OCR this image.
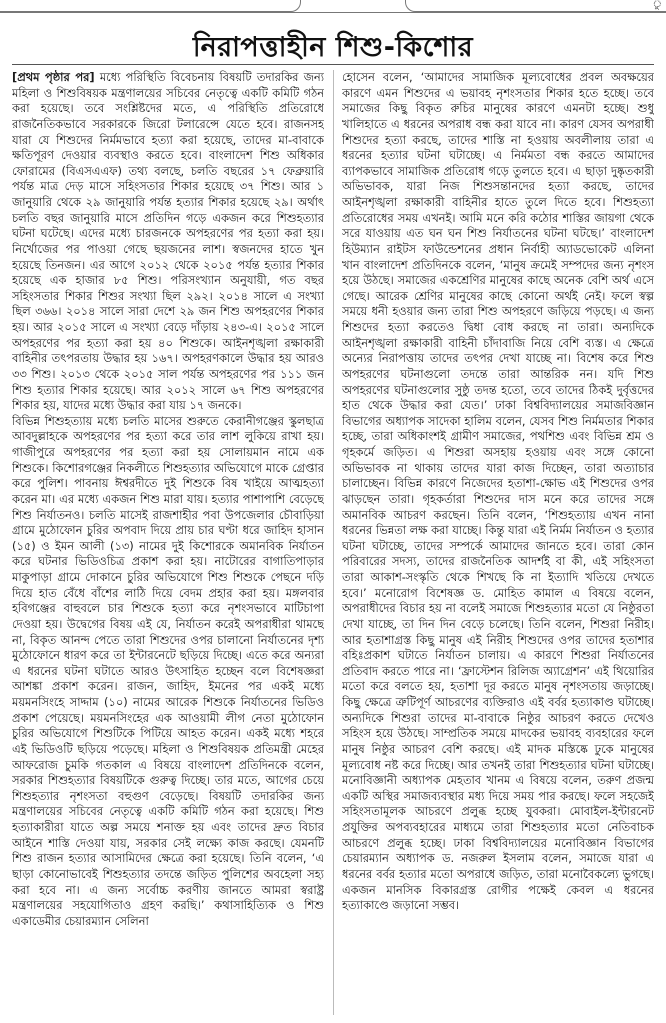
ু
নিরাপত্তাহীন শিশু-কিশোর

[প্রথম পৃষ্ঠার পর] মধ্যে পরিস্থিতি বিবেচনায় বিষয়টি তদারকির জন্য মহিলা ও শিশুবিষয়ক মন্ত্রণালয়ের সচিবের নেতৃত্বে একটি কমিটি গঠন করা হয়েছে। তবে সংশ্লিষ্টদের মতে, এ পরিস্থিতি প্রতিরোধে রাজনৈতিকভাবে সরকারকে জিরো টলারেন্সে যেতে হবে। রাজনসহ যারা যে শিশুদের নির্মমভাবে হত্যা করা হয়েছে, তাদের মা-বাবাকে ক্ষতিপূরণ দেওয়ার ব্যবস্থাও করতে হবে। বাংলাদেশ শিশু অধিকার ফোরামের (বিএসএএফ) তথ্য বলছে, চলতি বছরের ১৭ ফেব্রুয়ারি পর্যন্ত মাত্র দেড় মাসে সহিংসতার শিকার হয়েছে ৩৭ শিশু। আর ১ জানুয়ারি থেকে ২৯ জানুয়ারি পর্যন্ত হত্যার শিকার হয়েছে ২৯। অর্থাৎ চলতি বছর জানুয়ারি মাসে প্রতিদিন গড়ে একজন করে শিশুহত্যার ঘটনা ঘটেছে। এদের মধ্যে চারজনকে অপহরণের পর হত্যা করা হয়। নির্খোজের পর পাওয়া গেছে ছয়জনের লাশ। স্বজনদের হাতে খুন হয়েছে তিনজন। এর আগে ২০১২ থেকে ২০১৫ পর্যন্ত হত্যার শিকার হয়েছে এক হাজার ৮৫ শিশু। পরিসংখ্যান অনুযায়ী, গত বছর সহিংসতার শিকার শিশুর সংখ্যা ছিল ২৯২। ২০১৪ সালে এ সংখ্যা ছিল ৩৬৬। ২০১৪ সালে সারা দেশে ২৯ জন শিশু অপহরণের শিকার হয়। আর ২০১৫ সালে এ সংখ্যা বেড়ে দাঁড়ায় ২৪৩-এ। ২০১৫ সালে অপহরণের পর হত্যা করা হয় ৪০ শিশুকে। আইনশৃঙ্খলা রক্ষাকারী বাহিনীর তৎপরতায় উদ্ধার হয় ১৬৭। অপহরণকালে উদ্ধার হয় আরও ৩৩ শিশু। ২০১৩ থেকে ২০১৫ সাল পর্যন্ত অপহরণের পর ১১১ জন শিশু হত্যার শিকার হয়েছে। আর ২০১২ সালে ৬৭ শিশু অপহরণের শিকার হয়, যাদের মধ্যে উদ্ধার করা যায় ১৭ জনকে।

বিভিন্ন শিশুহত্যায় মধ্যে চলতি মাসের শুরুতে কেরানীগঞ্জের স্কুলছাত্র আবদুল্লাহকে অপহরণের পর হত্যা করে তার লাশ লুকিয়ে রাখা হয়। গাজীপুরে অপহরণের পর হত্যা করা হয় সোলায়মান নামে এক শিশুকে। কিশোরগঞ্জের নিকলীতে শিশুহত্যার অভিযোগে মাকে গ্রেপ্তার করে পুলিশ। পাবনায় ঈশ্বরদীতে দুই শিশুকে বিষ খাইয়ে আত্মহত্যা করেন মা। এর মধ্যে একজন শিশু মারা যায়। হত্যার পাশাপাশি বেড়েছে শিশু নির্যাতনও। চলতি মাসেই রাজশাহীর পবা উপজেলার চৌবাড়িয়া গ্রামে মুঠোফোন চুরির অপবাদ দিয়ে প্রায় চার ঘণ্টা ধরে জাহিদ হাসান (১৫) ও ইমন আলী (১৩) নামের দুই কিশোরকে অমানবিক নির্যাতন করে ঘটনার ভিডিওচিত্র প্রকাশ করা হয়। নাটোরের বাগাতিপাড়ার মাকুপাড়া গ্রামে দোকানে চুরির অভিযোগে শিশু শিশুকে পেছনে দড়ি দিয়ে হাত বেঁধে বাঁশের লাঠি দিয়ে বেদম প্রহার করা হয়। মঙ্গলবার হবিগঞ্জের বাহুবলে চার শিশুকে হত্যা করে নৃশংসভাবে মাটিচাপা দেওয়া হয়। উদ্বেগের বিষয় এই যে, নির্যাতন করেই অপরাধীরা থামছে না, বিকৃত আনন্দ পেতে তারা শিশুদের ওপর চালানো নির্যাতনের দৃশ্য মুঠোফোনে ধারণ করে তা ইন্টারনেটে ছড়িয়ে দিচ্ছে। এতে করে অন্যরা এ ধরনের ঘটনা ঘটাতে আরও উৎসাহিত হচ্ছেন বলে বিশেষজ্ঞরা আশঙ্কা প্রকাশ করেন। রাজন, জাহিদ, ইমনের পর একই মধ্যে ময়মনসিংহে সাদ্দাম (১০) নামের আরেক শিশুকে নির্যাতনের ভিডিও প্রকাশ পেয়েছে। ময়মনসিংহের এক আওয়ামী লীগ নেতা মুঠোফোন চুরির অভিযোগে শিশুটিকে পিটিয়ে আহত করেন। একই মধ্যে শহরে এই ভিডিওটি ছড়িয়ে পড়েছে। মহিলা ও শিশুবিষয়ক প্রতিমন্ত্রী মেহের আফরোজ চুমকি গতকাল এ বিষয়ে বাংলাদেশ প্রতিদিনকে বলেন, সরকার শিশুহত্যার বিষয়টিকে গুরুত্ব দিচ্ছে। তার মতে, আগের চেয়ে শিশুহত্যার নৃশংসতা বহুগুণ বেড়েছে। বিষয়টি তদারকির জন্য মন্ত্রণালয়ের সচিবের নেতৃত্বে একটি কমিটি গঠন করা হয়েছে। শিশু হত্যাকারীরা যাতে অল্প সময়ে শনাক্ত হয় এবং তাদের দ্রুত বিচার আইনে শাস্তি দেওয়া যায়, সরকার সেই লক্ষ্যে কাজ করছে। যেমনটি শিশু রাজন হত্যার আসামিদের ক্ষেত্রে করা হয়েছে। তিনি বলেন, ‘এ ছাড়া কোনোভাবেই শিশুহত্যার তদন্তে জড়িত পুলিশের অবহেলা সহ্য করা হবে না। এ জন্য সর্বোচ্চ করণীয় জানতে আমরা স্বরাষ্ট্র মন্ত্রণালয়ের সহযোগিতাও গ্রহণ করছি।’ কথাসাহিত্যিক ও শিশু একাডেমীর চেয়ারম্যান সেলিনা

হোসেন বলেন, ‘আমাদের সামাজিক মূল্যবোধের প্রবল অবক্ষয়ের কারণে এমন শিশুদের এ ভয়াবহ নৃশংসতার শিকার হতে হচ্ছে। তবে সমাজের কিছু বিকৃত রুচির মানুষের কারণে এমনটা হচ্ছে। শুধু খালিহাতে এ ধরনের অপরাধ বন্ধ করা যাবে না। কারণ যেসব অপরাধী শিশুদের হত্যা করছে, তাদের শাস্তি না হওয়ায় অবলীলায় তারা এ ধরনের হত্যার ঘটনা ঘটাচ্ছে। এ নির্মমতা বন্ধ করতে আমাদের ব্যাপকভাবে সামাজিক প্রতিরোধ গড়ে তুলতে হবে। এ ছাড়া দুষ্কৃতকারী অভিভাবক, যারা নিজ শিশুসন্তানদের হত্যা করছে, তাদের আইনশৃঙ্খলা রক্ষাকারী বাহিনীর হাতে তুলে দিতে হবে। শিশুহত্যা প্রতিরোধের সময় এখনই। আমি মনে করি কঠোর শাস্তির জায়গা থেকে সরে যাওয়ায় এত ঘন ঘন শিশু নির্যাতনের ঘটনা ঘটছে।’ বাংলাদেশ হিউম্যান রাইটস ফাউন্ডেশনের প্রধান নির্বাহী অ্যাডভোকেট এলিনা খান বাংলাদেশ প্রতিদিনকে বলেন, ‘মানুষ ক্রমেই সম্পদের জন্য নৃশংস হয়ে উঠছে। সমাজের একশ্রেণির মানুষের কাছে অনেক বেশি অর্থ এসে গেছে। আরেক শ্রেণির মানুষের কাছে কোনো অর্থই নেই। ফলে স্বল্প সময়ে ধনী হওয়ার জন্য তারা শিশু অপহরণে জড়িয়ে পড়ছে। এ জন্য শিশুদের হত্যা করতেও দ্বিধা বোধ করছে না তারা। অন্যদিকে আইনশৃঙ্খলা রক্ষাকারী বাহিনী চাঁদাবাজি নিয়ে বেশি ব্যস্ত। এ ক্ষেত্রে অন্যের নিরাপত্তায় তাদের তৎপর দেখা যাচ্ছে না। বিশেষ করে শিশু অপহরণের ঘটনাগুলো তদন্তে তারা আন্তরিক নন। যদি শিশু অপহরণের ঘটনাগুলোর সুষ্ঠু তদন্ত হতো, তবে তাদের ঠিকই দুর্বৃত্তদের হাত থেকে উদ্ধার করা যেত।’ ঢাকা বিশ্ববিদ্যালয়ের সমাজবিজ্ঞান বিভাগের অধ্যাপক সাদেকা হালিম বলেন, যেসব শিশু নির্মমতার শিকার হচ্ছে, তারা অধিকাংশই গ্রামীণ সমাজের, পথশিশু এবং বিভিন্ন শ্রম ও গৃহকর্মে জড়িত। এ শিশুরা অসহায় হওয়ায় এবং সঙ্গে কোনো অভিভাবক না থাকায় তাদের যারা কাজ দিচ্ছেন, তারা অত্যাচার চালাচ্ছেন। বিভিন্ন কারণে নিজেদের হতাশা-ক্ষোভ এই শিশুদের ওপর ঝাড়ছেন তারা। গৃহকর্তারা শিশুদের দাস মনে করে তাদের সঙ্গে অমানবিক আচরণ করছেন। তিনি বলেন, ‘শিশুহত্যায় এখন নানা ধরনের ভিন্নতা লক্ষ করা যাচ্ছে। কিন্তু যারা এই নির্মম নির্যাতন ও হত্যার ঘটনা ঘটাচ্ছে, তাদের সম্পর্কে আমাদের জানতে হবে। তারা কোন পরিবারের সদস্য, তাদের রাজনৈতিক আদর্শই বা কী, এই সহিংসতা তারা আকাশ-সংস্কৃতি থেকে শিখছে কি না ইত্যাদি খতিয়ে দেখতে হবে।’ মনোরোগ বিশেষজ্ঞ ড. মোহিত কামাল এ বিষয়ে বলেন, অপরাধীদের বিচার হয় না বলেই সমাজে শিশুহত্যার মতো যে নিষ্ঠুরতা দেখা যাচ্ছে, তা দিন দিন বেড়ে চলেছে। তিনি বলেন, শিশুরা নিরীহ। আর হতাশাগ্রস্ত কিছু মানুষ এই নিরীহ শিশুদের ওপর তাদের হতাশার বহিঃপ্রকাশ ঘটাতে নির্যাতন চালায়। এ কারণে শিশুরা নির্যাতনের প্রতিবাদ করতে পারে না। ‘ফ্রাস্টেশন রিলিজ অ্যাগ্রেশন’ এই থিয়োরির মতো করে বলতে হয়, হতাশা দূর করতে মানুষ নৃশংসতায় জড়াচ্ছে। কিছু ক্ষেত্রে ত্রুটিপূর্ণ আচরণের ব্যক্তিরাও এই বর্বর হত্যাকাণ্ড ঘটাচ্ছে। অন্যদিকে শিশুরা তাদের মা-বাবাকে নিষ্ঠুর আচরণ করতে দেখেও সহিংস হয়ে উঠছে। সাম্প্রতিক সময়ে মাদকের ভয়াবহ ব্যবহারের ফলে মানুষ নিষ্ঠুর আচরণ বেশি করছে। এই মাদক মস্তিষ্কে ঢুকে মানুষের মূল্যবোধ নষ্ট করে দিচ্ছে। আর তখনই তারা শিশুহত্যার ঘটনা ঘটাচ্ছে। মনোবিজ্ঞানী অধ্যাপক মেহতাব খানম এ বিষয়ে বলেন, তরুণ প্রজন্ম একটি অস্থির সমাজব্যবস্থার মধ্য দিয়ে সময় পার করছে। ফলে সহজেই সহিংসতামূলক আচরণে প্রলুব্ধ হচ্ছে যুবকরা। মোবাইল-ইন্টারনেট প্রযুক্তির অপব্যবহারের মাধ্যমে তারা শিশুহত্যার মতো নেতিবাচক আচরণে প্রলুব্ধ হচ্ছে। ঢাকা বিশ্ববিদ্যালয়ের মনোবিজ্ঞান বিভাগের চেয়ারম্যান অধ্যাপক ড. নজরুল ইসলাম বলেন, সমাজে যারা এ ধরনের বর্বর হত্যার মতো অপরাধে জড়িত, তারা মনোবৈকল্যে ভুগছে। একজন মানসিক বিকারগ্রস্ত রোগীর পক্ষেই কেবল এ ধরনের হত্যাকাণ্ডে জড়ানো সম্ভব।
